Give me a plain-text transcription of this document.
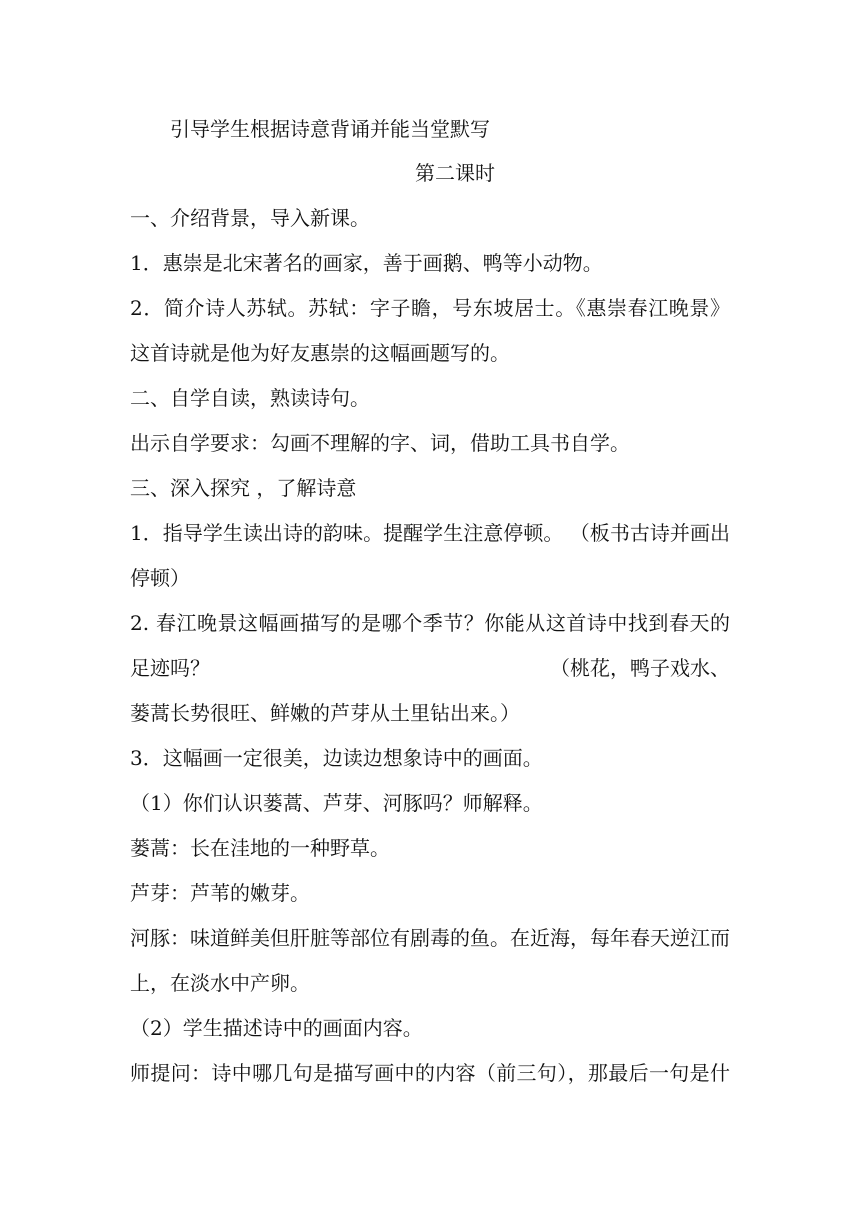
引导学生根据诗意背诵并能当堂默写
第二课时
一、介绍背景，导入新课。
1．惠崇是北宋著名的画家，善于画鹅、鸭等小动物。
2．简介诗人苏轼。苏轼：字子瞻，号东坡居士。《惠崇春江晚景》
这首诗就是他为好友惠崇的这幅画题写的。
二、自学自读，熟读诗句。
出示自学要求：勾画不理解的字、词，借助工具书自学。
三、深入探究 ，了解诗意
1．指导学生读出诗的韵味。提醒学生注意停顿。 （板书古诗并画出
停顿）
2. 春江晚景这幅画描写的是哪个季节？你能从这首诗中找到春天的
足迹吗？	（桃花，鸭子戏水、
蒌蒿长势很旺、鲜嫩的芦芽从土里钻出来。）
3．这幅画一定很美，边读边想象诗中的画面。
（1）你们认识蒌蒿、芦芽、河豚吗？师解释。
蒌蒿：长在洼地的一种野草。
芦芽：芦苇的嫩芽。
河豚：味道鲜美但肝脏等部位有剧毒的鱼。在近海，每年春天逆江而
上，在淡水中产卵。
（2）学生描述诗中的画面内容。
师提问：诗中哪几句是描写画中的内容（前三句），那最后一句是什
